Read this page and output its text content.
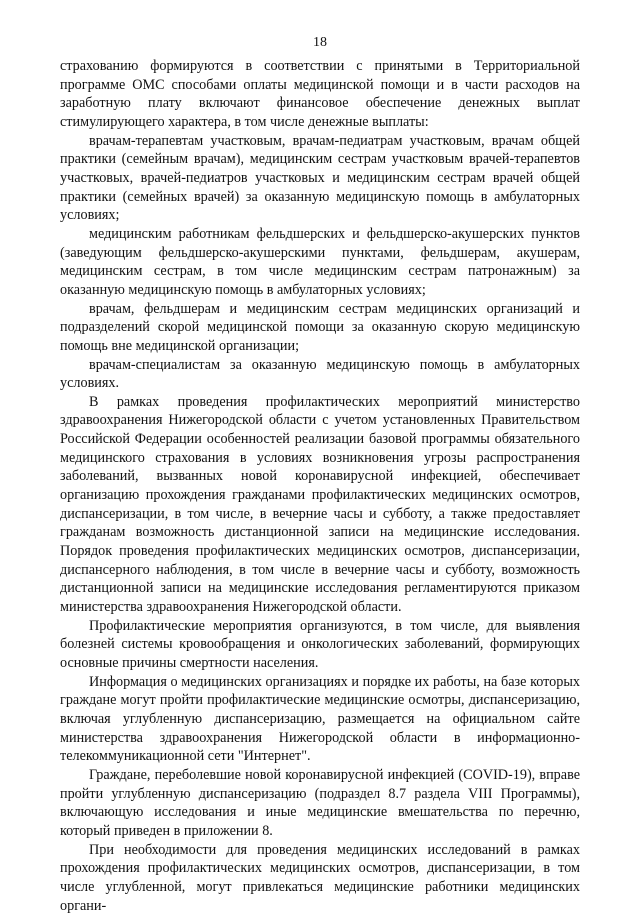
18

страхованию формируются в соответствии с принятыми в Территориальной программе ОМС способами оплаты медицинской помощи и в части расходов на заработную плату включают финансовое обеспечение денежных выплат стимулирующего характера, в том числе денежные выплаты:

врачам-терапевтам участковым, врачам-педиатрам участковым, врачам общей практики (семейным врачам), медицинским сестрам участковым врачей-терапевтов участковых, врачей-педиатров участковых и медицинским сестрам врачей общей практики (семейных врачей) за оказанную медицинскую помощь в амбулаторных условиях;

медицинским работникам фельдшерских и фельдшерско-акушерских пунктов (заведующим фельдшерско-акушерскими пунктами, фельдшерам, акушерам, медицинским сестрам, в том числе медицинским сестрам патронажным) за оказанную медицинскую помощь в амбулаторных условиях;

врачам, фельдшерам и медицинским сестрам медицинских организаций и подразделений скорой медицинской помощи за оказанную скорую медицинскую помощь вне медицинской организации;

врачам-специалистам за оказанную медицинскую помощь в амбулаторных условиях.

В рамках проведения профилактических мероприятий министерство здравоохранения Нижегородской области с учетом установленных Правительством Российской Федерации особенностей реализации базовой программы обязательного медицинского страхования в условиях возникновения угрозы распространения заболеваний, вызванных новой коронавирусной инфекцией, обеспечивает организацию прохождения гражданами профилактических медицинских осмотров, диспансеризации, в том числе, в вечерние часы и субботу, а также предоставляет гражданам возможность дистанционной записи на медицинские исследования. Порядок проведения профилактических медицинских осмотров, диспансеризации, диспансерного наблюдения, в том числе в вечерние часы и субботу, возможность дистанционной записи на медицинские исследования регламентируются приказом министерства здравоохранения Нижегородской области.

Профилактические мероприятия организуются, в том числе, для выявления болезней системы кровообращения и онкологических заболеваний, формирующих основные причины смертности населения.

Информация о медицинских организациях и порядке их работы, на базе которых граждане могут пройти профилактические медицинские осмотры, диспансеризацию, включая углубленную диспансеризацию, размещается на официальном сайте министерства здравоохранения Нижегородской области в информационно-телекоммуникационной сети "Интернет".

Граждане, переболевшие новой коронавирусной инфекцией (COVID-19), вправе пройти углубленную диспансеризацию (подраздел 8.7 раздела VIII Программы), включающую исследования и иные медицинские вмешательства по перечню, который приведен в приложении 8.

При необходимости для проведения медицинских исследований в рамках прохождения профилактических медицинских осмотров, диспансеризации, в том числе углубленной, могут привлекаться медицинские работники медицинских органи-
